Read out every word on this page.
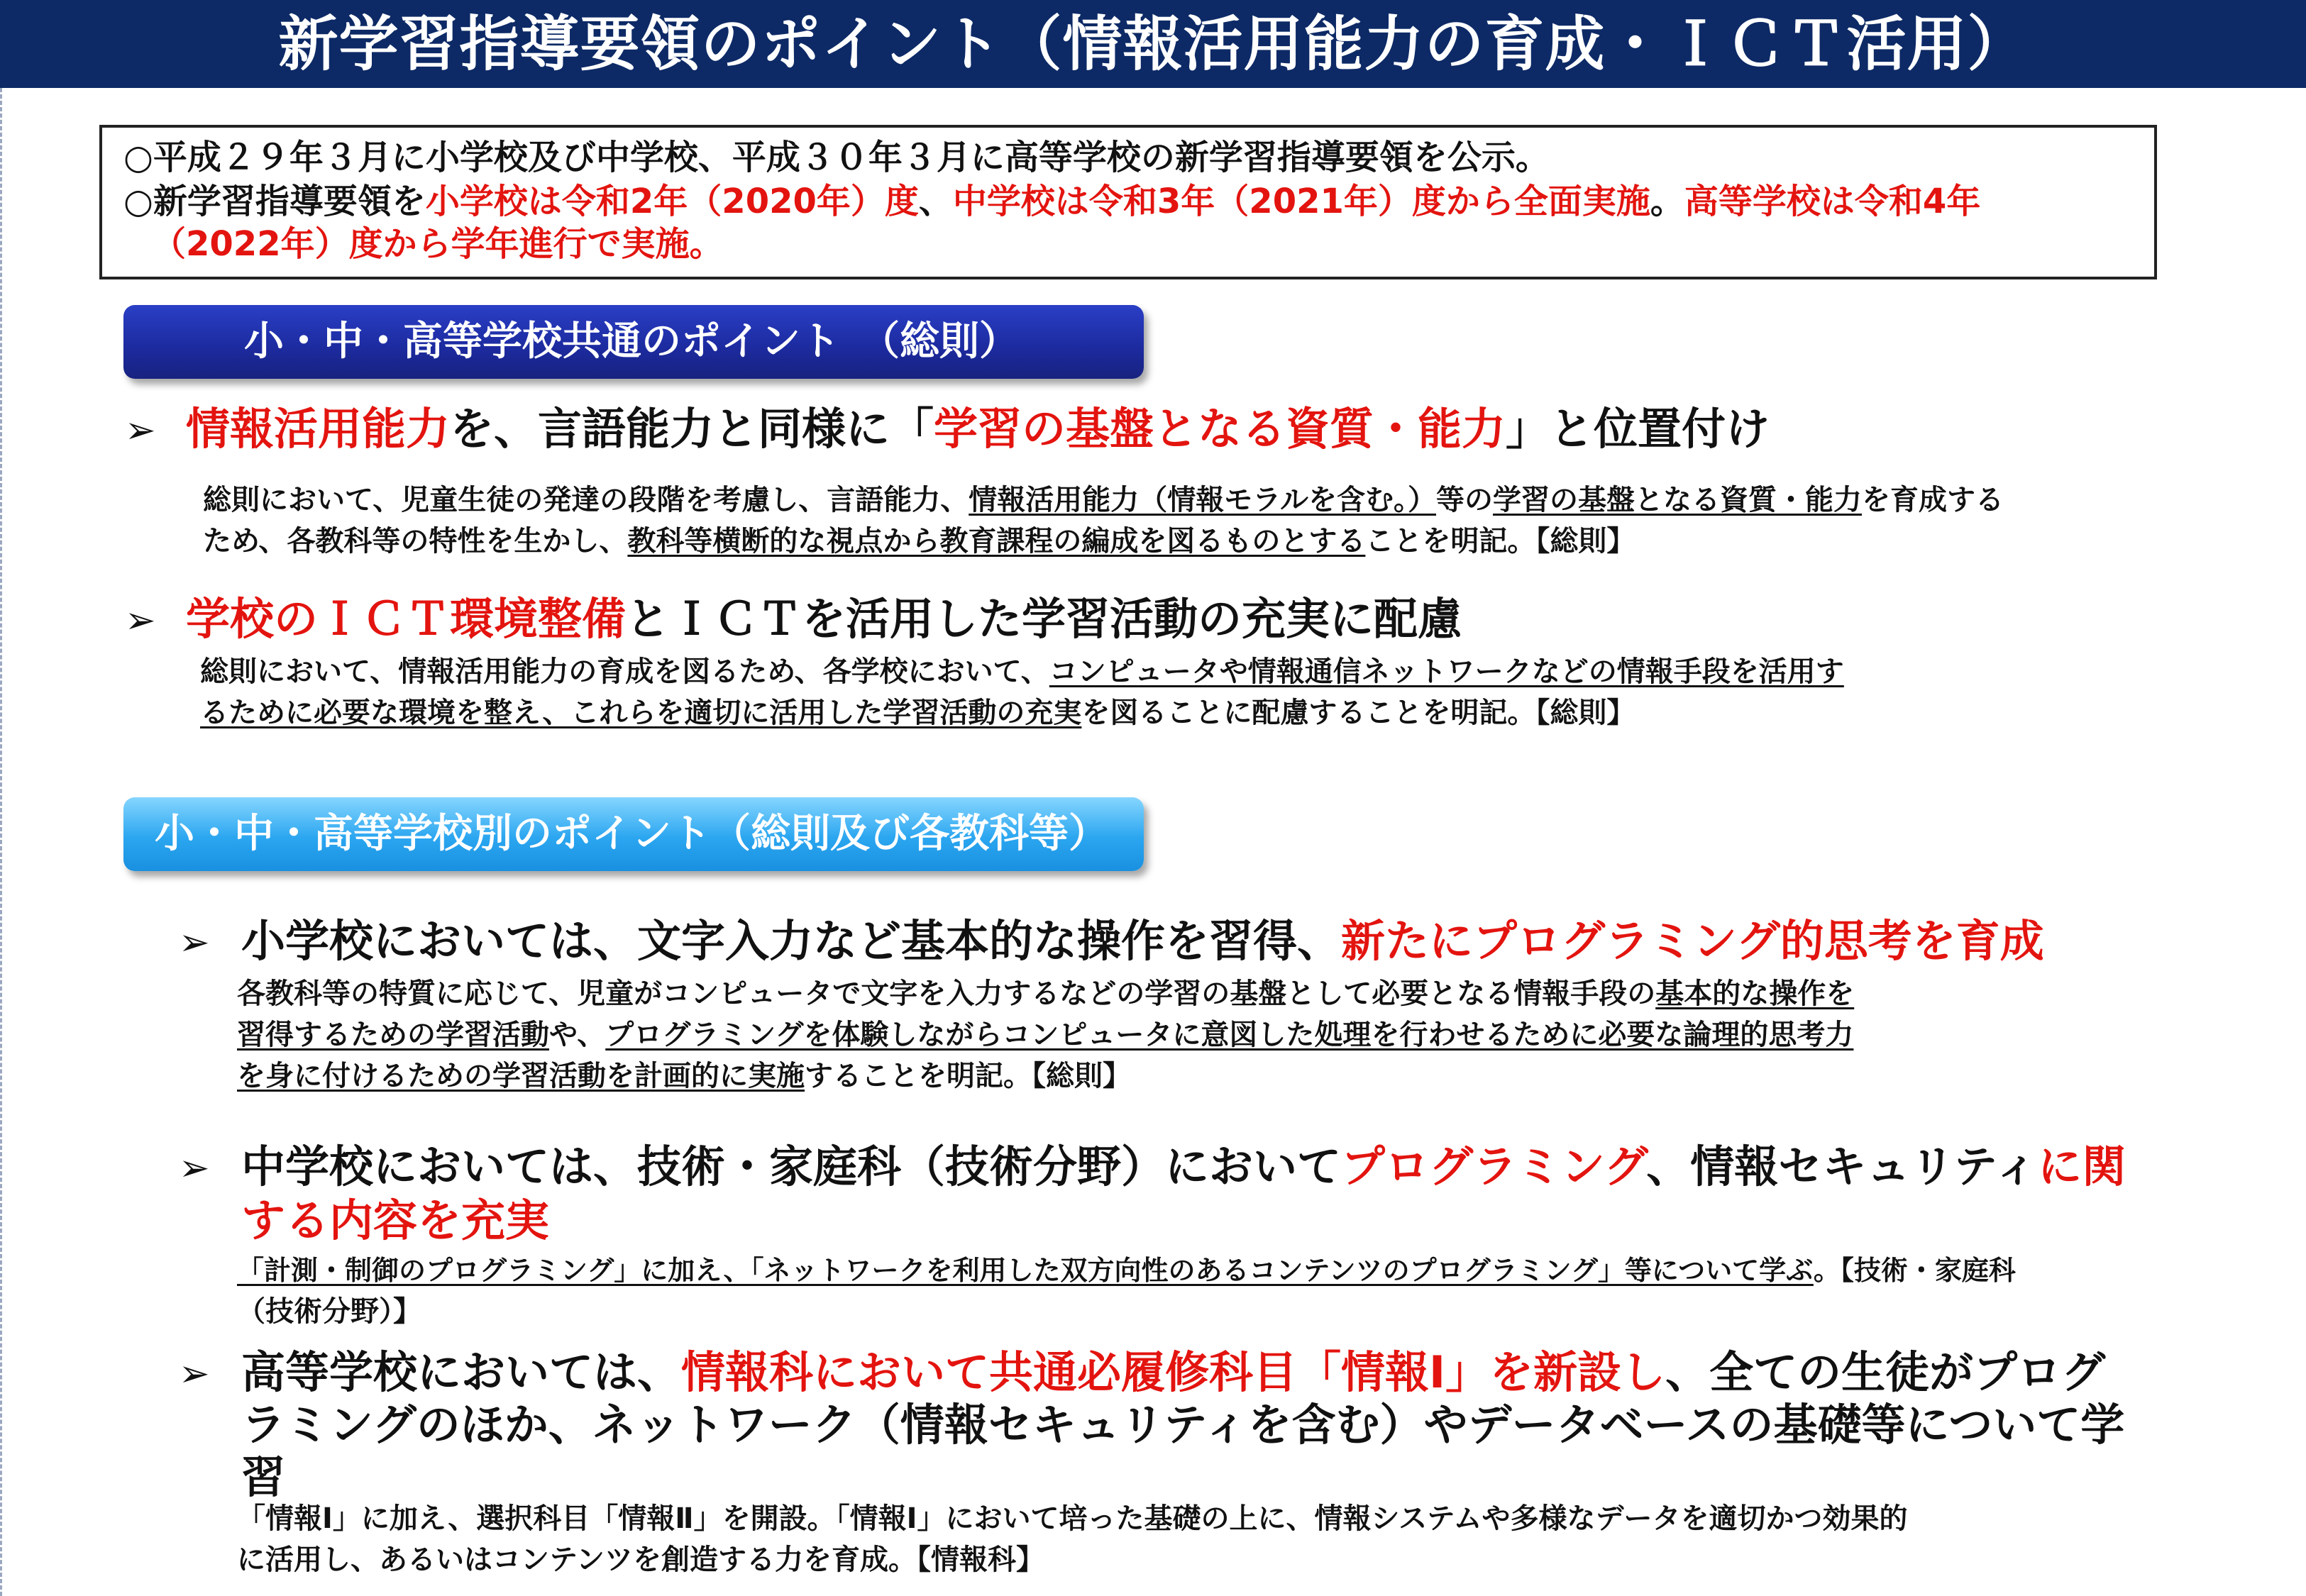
新学習指導要領のポイント（情報活用能力の育成・ＩＣＴ活用）
○平成２９年３月に小学校及び中学校、平成３０年３月に高等学校の新学習指導要領を公示。
○新学習指導要領を小学校は令和2年（2020年）度、中学校は令和3年（2021年）度から全面実施。高等学校は令和4年
（2022年）度から学年進行で実施。
小・中・高等学校共通のポイント　（総則）
➢ 情報活用能力を、言語能力と同様に「学習の基盤となる資質・能力」と位置付け
総則において、児童生徒の発達の段階を考慮し、言語能力、情報活用能力（情報モラルを含む。）等の学習の基盤となる資質・能力を育成する
ため、各教科等の特性を生かし、教科等横断的な視点から教育課程の編成を図るものとすることを明記。【総則】
➢ 学校のＩＣＴ環境整備とＩＣＴを活用した学習活動の充実に配慮
総則において、情報活用能力の育成を図るため、各学校において、コンピュータや情報通信ネットワークなどの情報手段を活用す
るために必要な環境を整え、これらを適切に活用した学習活動の充実を図ることに配慮することを明記。【総則】
小・中・高等学校別のポイント（総則及び各教科等）
➢ 小学校においては、文字入力など基本的な操作を習得、新たにプログラミング的思考を育成
各教科等の特質に応じて、児童がコンピュータで文字を入力するなどの学習の基盤として必要となる情報手段の基本的な操作を
習得するための学習活動や、プログラミングを体験しながらコンピュータに意図した処理を行わせるために必要な論理的思考力
を身に付けるための学習活動を計画的に実施することを明記。【総則】
➢ 中学校においては、技術・家庭科（技術分野）においてプログラミング、情報セキュリティに関
する内容を充実
「計測・制御のプログラミング」に加え、「ネットワークを利用した双方向性のあるコンテンツのプログラミング」等について学ぶ。【技術・家庭科
（技術分野）】
➢ 高等学校においては、情報科において共通必履修科目「情報Ⅰ」を新設し、全ての生徒がプログ
ラミングのほか、ネットワーク（情報セキュリティを含む）やデータベースの基礎等について学
習
「情報Ⅰ」に加え、選択科目「情報Ⅱ」を開設。「情報Ⅰ」において培った基礎の上に、情報システムや多様なデータを適切かつ効果的
に活用し、あるいはコンテンツを創造する力を育成。【情報科】
